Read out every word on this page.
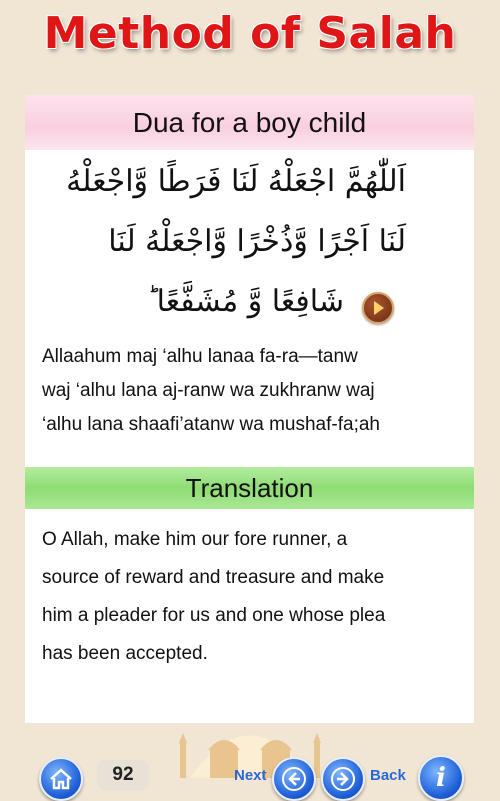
Method of Salah
Dua for a boy child
اَللّٰهُمَّ اجْعَلْهُ لَنَا فَرَطًا وَّاجْعَلْهُ
لَنَا اَجْرًا وَّذُخْرًا وَّاجْعَلْهُ لَنَا
شَافِعًا وَّ مُشَفَّعًا ؕ
Allaahum maj ‘alhu lanaa fa-ra—tanw
waj ‘alhu lana aj-ranw wa zukhranw waj
‘alhu lana shaafi’atanw wa mushaf-fa;ah
Translation
O Allah, make him our fore runner, a
source of reward and treasure and make
him a pleader for us and one whose plea
has been accepted.
92	Next	Back i
